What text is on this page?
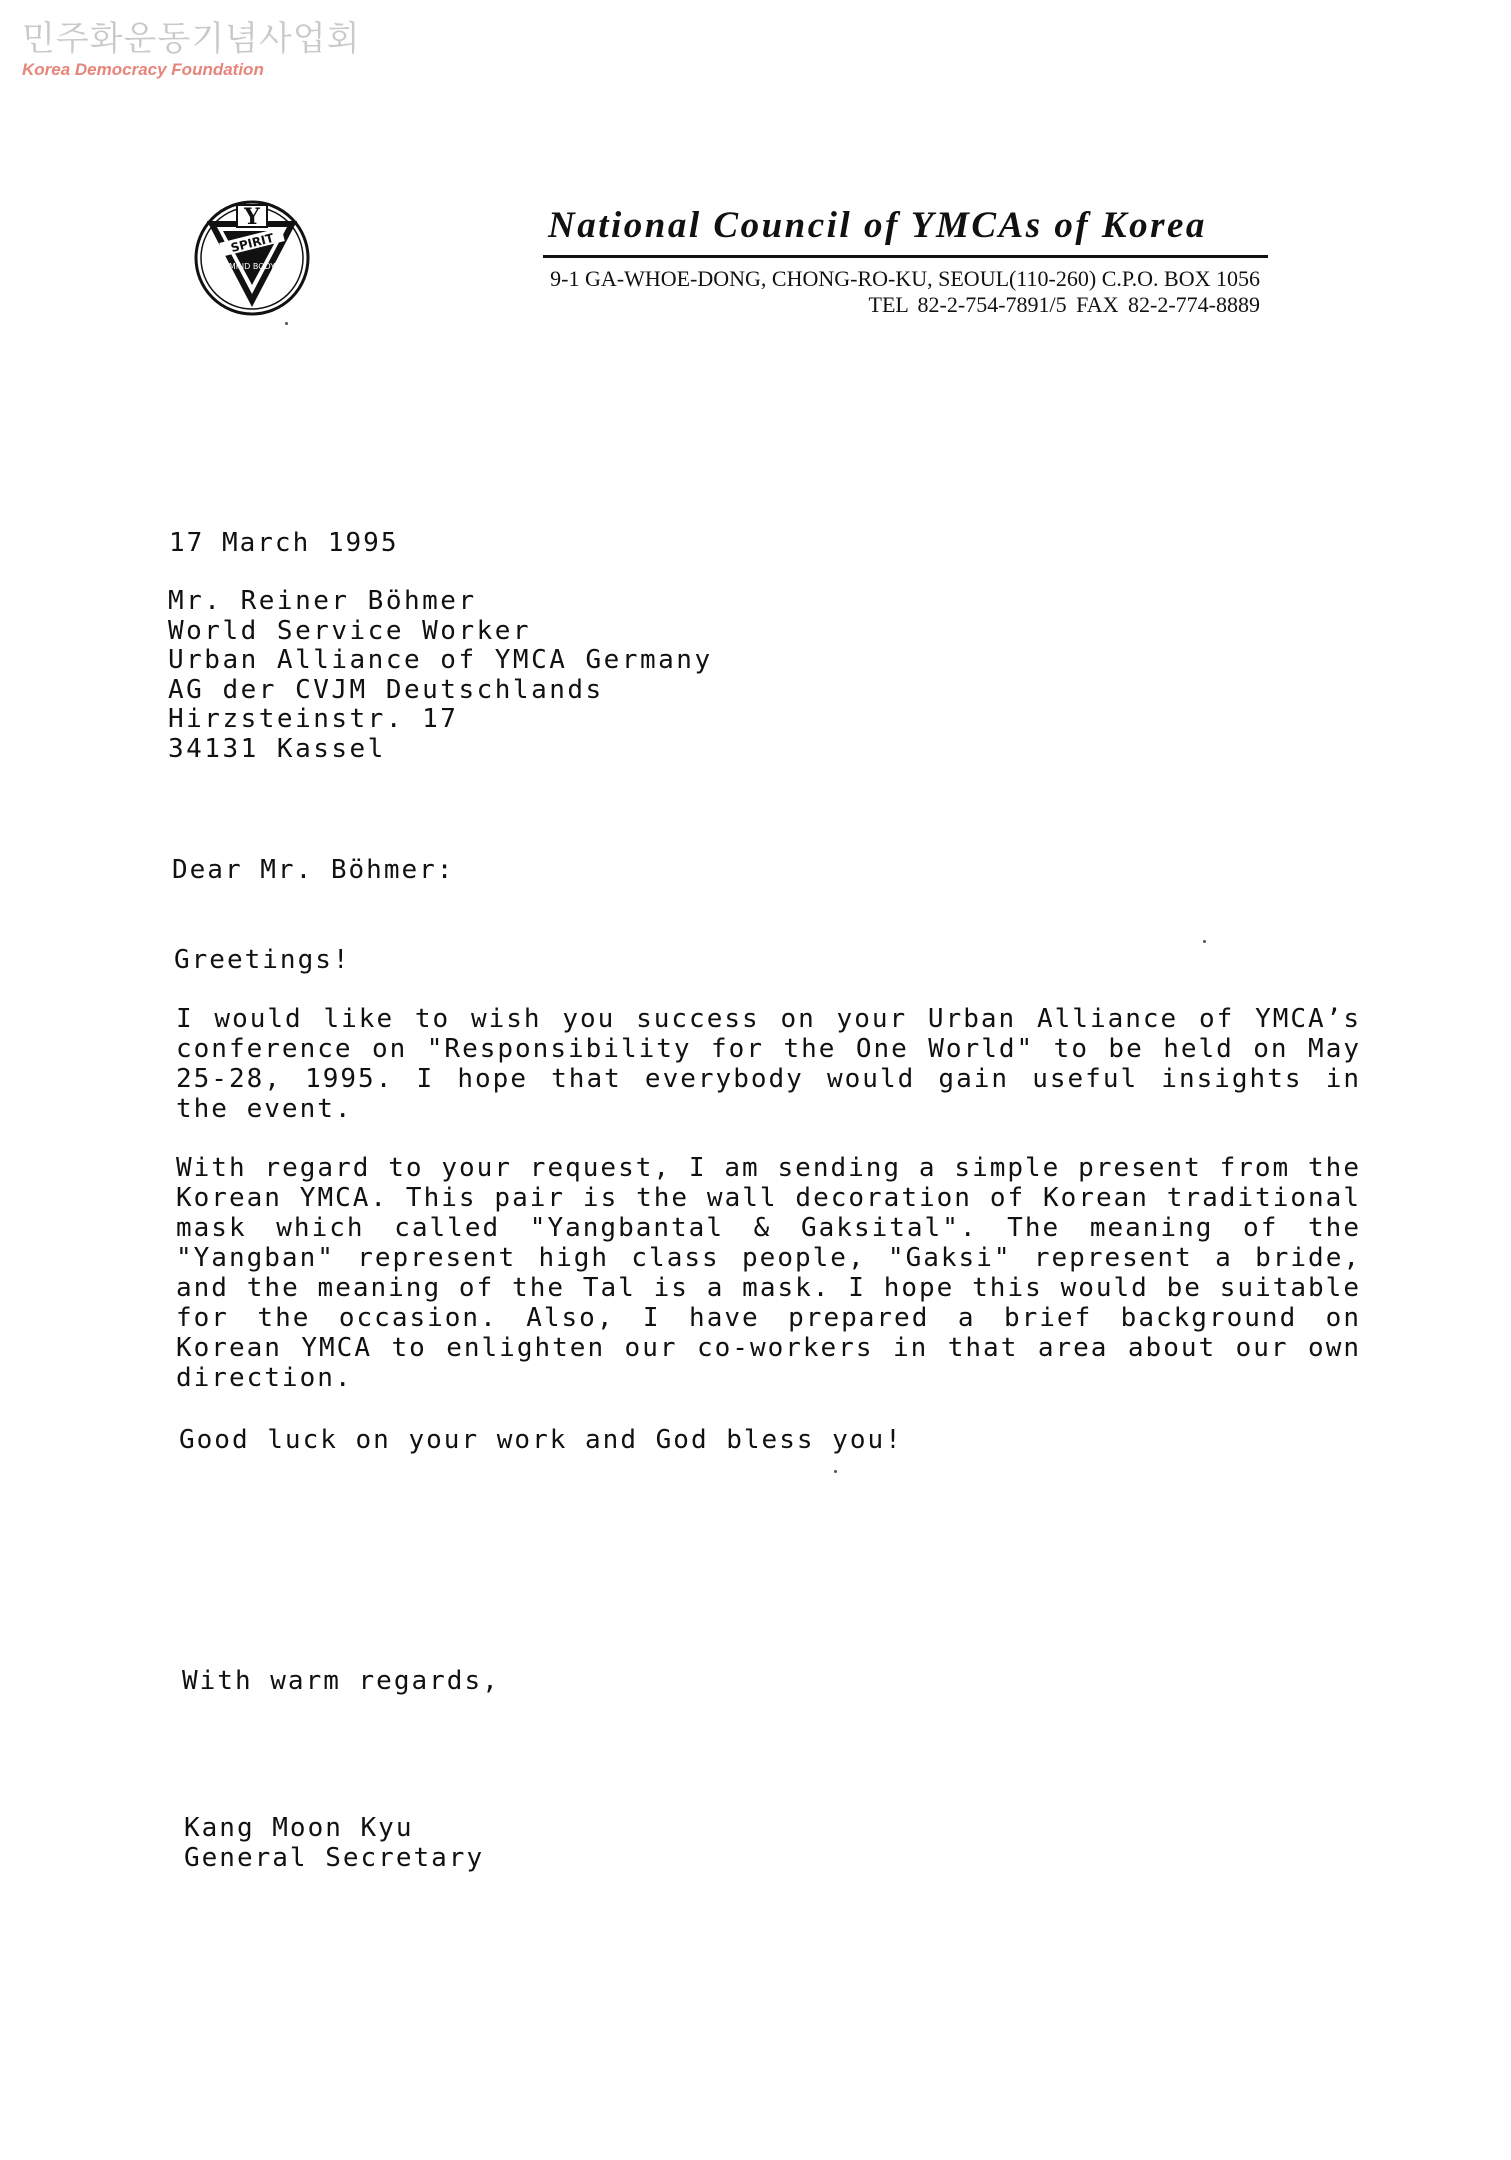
민주화운동기념사업회
Korea Democracy Foundation
Y
SPIRIT
MIND BODY
National Council of YMCAs of Korea
9-1 GA-WHOE-DONG, CHONG-RO-KU, SEOUL(110-260) C.P.O. BOX 1056
TEL 82-2-754-7891/5 FAX 82-2-774-8889
17 March 1995
Mr. Reiner Böhmer
World Service Worker
Urban Alliance of YMCA Germany
AG der CVJM Deutschlands
Hirzsteinstr. 17
34131 Kassel
Dear Mr. Böhmer:
Greetings!
I would like to wish you success on your Urban Alliance of YMCA’s conference on "Responsibility for the One World" to be held on May 25-28, 1995. I hope that everybody would gain useful insights in the event.
With regard to your request, I am sending a simple present from the Korean YMCA. This pair is the wall decoration of Korean traditional mask which called "Yangbantal & Gaksital". The meaning of the "Yangban" represent high class people, "Gaksi" represent a bride, and the meaning of the Tal is a mask. I hope this would be suitable for the occasion. Also, I have prepared a brief background on Korean YMCA to enlighten our co-workers in that area about our own direction.
Good luck on your work and God bless you!
With warm regards,
Kang Moon Kyu
General Secretary
